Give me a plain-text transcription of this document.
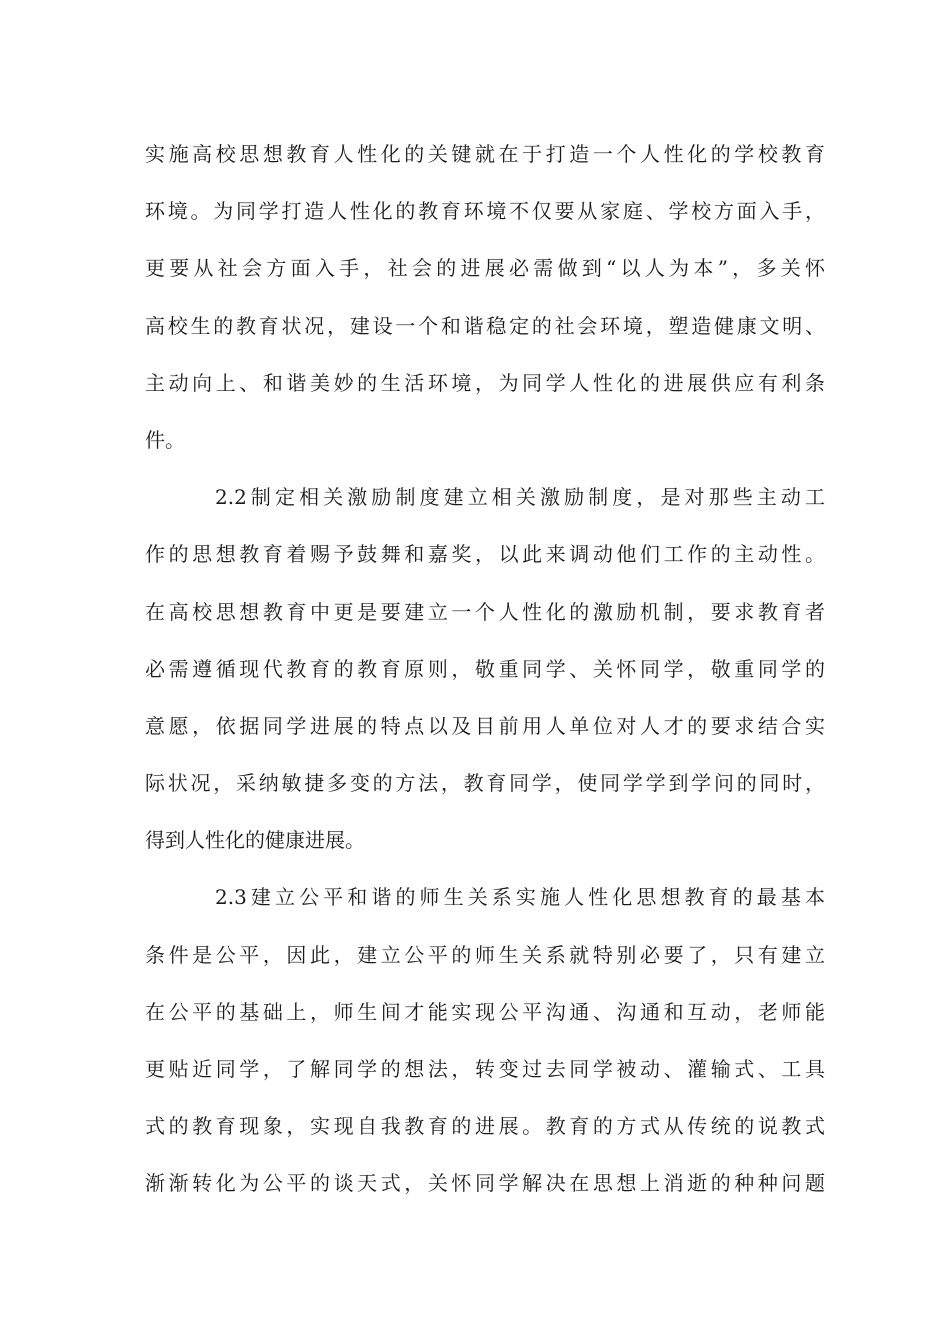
实施高校思想教育人性化的关键就在于打造一个人性化的学校教育
环境。为同学打造人性化的教育环境不仅要从家庭、学校方面入手，
更要从社会方面入手，社会的进展必需做到“以人为本”，多关怀
高校生的教育状况，建设一个和谐稳定的社会环境，塑造健康文明、
主动向上、和谐美妙的生活环境，为同学人性化的进展供应有利条
件。
2.2制定相关激励制度建立相关激励制度，是对那些主动工
作的思想教育着赐予鼓舞和嘉奖，以此来调动他们工作的主动性。
在高校思想教育中更是要建立一个人性化的激励机制，要求教育者
必需遵循现代教育的教育原则，敬重同学、关怀同学，敬重同学的
意愿，依据同学进展的特点以及目前用人单位对人才的要求结合实
际状况，采纳敏捷多变的方法，教育同学，使同学学到学问的同时，
得到人性化的健康进展。
2.3建立公平和谐的师生关系实施人性化思想教育的最基本
条件是公平，因此，建立公平的师生关系就特别必要了，只有建立
在公平的基础上，师生间才能实现公平沟通、沟通和互动，老师能
更贴近同学，了解同学的想法，转变过去同学被动、灌输式、工具
式的教育现象，实现自我教育的进展。教育的方式从传统的说教式
渐渐转化为公平的谈天式，关怀同学解决在思想上消逝的种种问题
